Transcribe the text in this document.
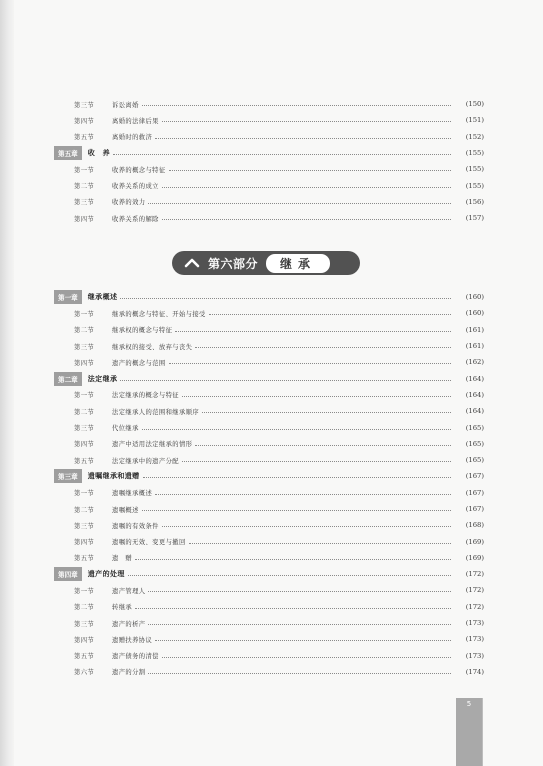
第三节	诉讼离婚	(150)
第四节	离婚的法律后果	(151)
第五节	离婚时的救济	(152)
第五章	收　养	(155)
第一节	收养的概念与特征	(155)
第二节	收养关系的成立	(155)
第三节	收养的效力	(156)
第四节	收养关系的解除	(157)
第六部分	继承
第一章	继承概述	(160)
第一节	继承的概念与特征、开始与接受	(160)
第二节	继承权的概念与特征	(161)
第三节	继承权的接受、放弃与丧失	(161)
第四节	遗产的概念与范围	(162)
第二章	法定继承	(164)
第一节	法定继承的概念与特征	(164)
第二节	法定继承人的范围和继承顺序	(164)
第三节	代位继承	(165)
第四节	遗产中适用法定继承的情形	(165)
第五节	法定继承中的遗产分配	(165)
第三章	遗嘱继承和遗赠	(167)
第一节	遗嘱继承概述	(167)
第二节	遗嘱概述	(167)
第三节	遗嘱的有效条件	(168)
第四节	遗嘱的无效、变更与撤回	(169)
第五节	遗　赠	(169)
第四章	遗产的处理	(172)
第一节	遗产管理人	(172)
第二节	转继承	(172)
第三节	遗产的析产	(173)
第四节	遗赠扶养协议	(173)
第五节	遗产债务的清偿	(173)
第六节	遗产的分割	(174)
5
